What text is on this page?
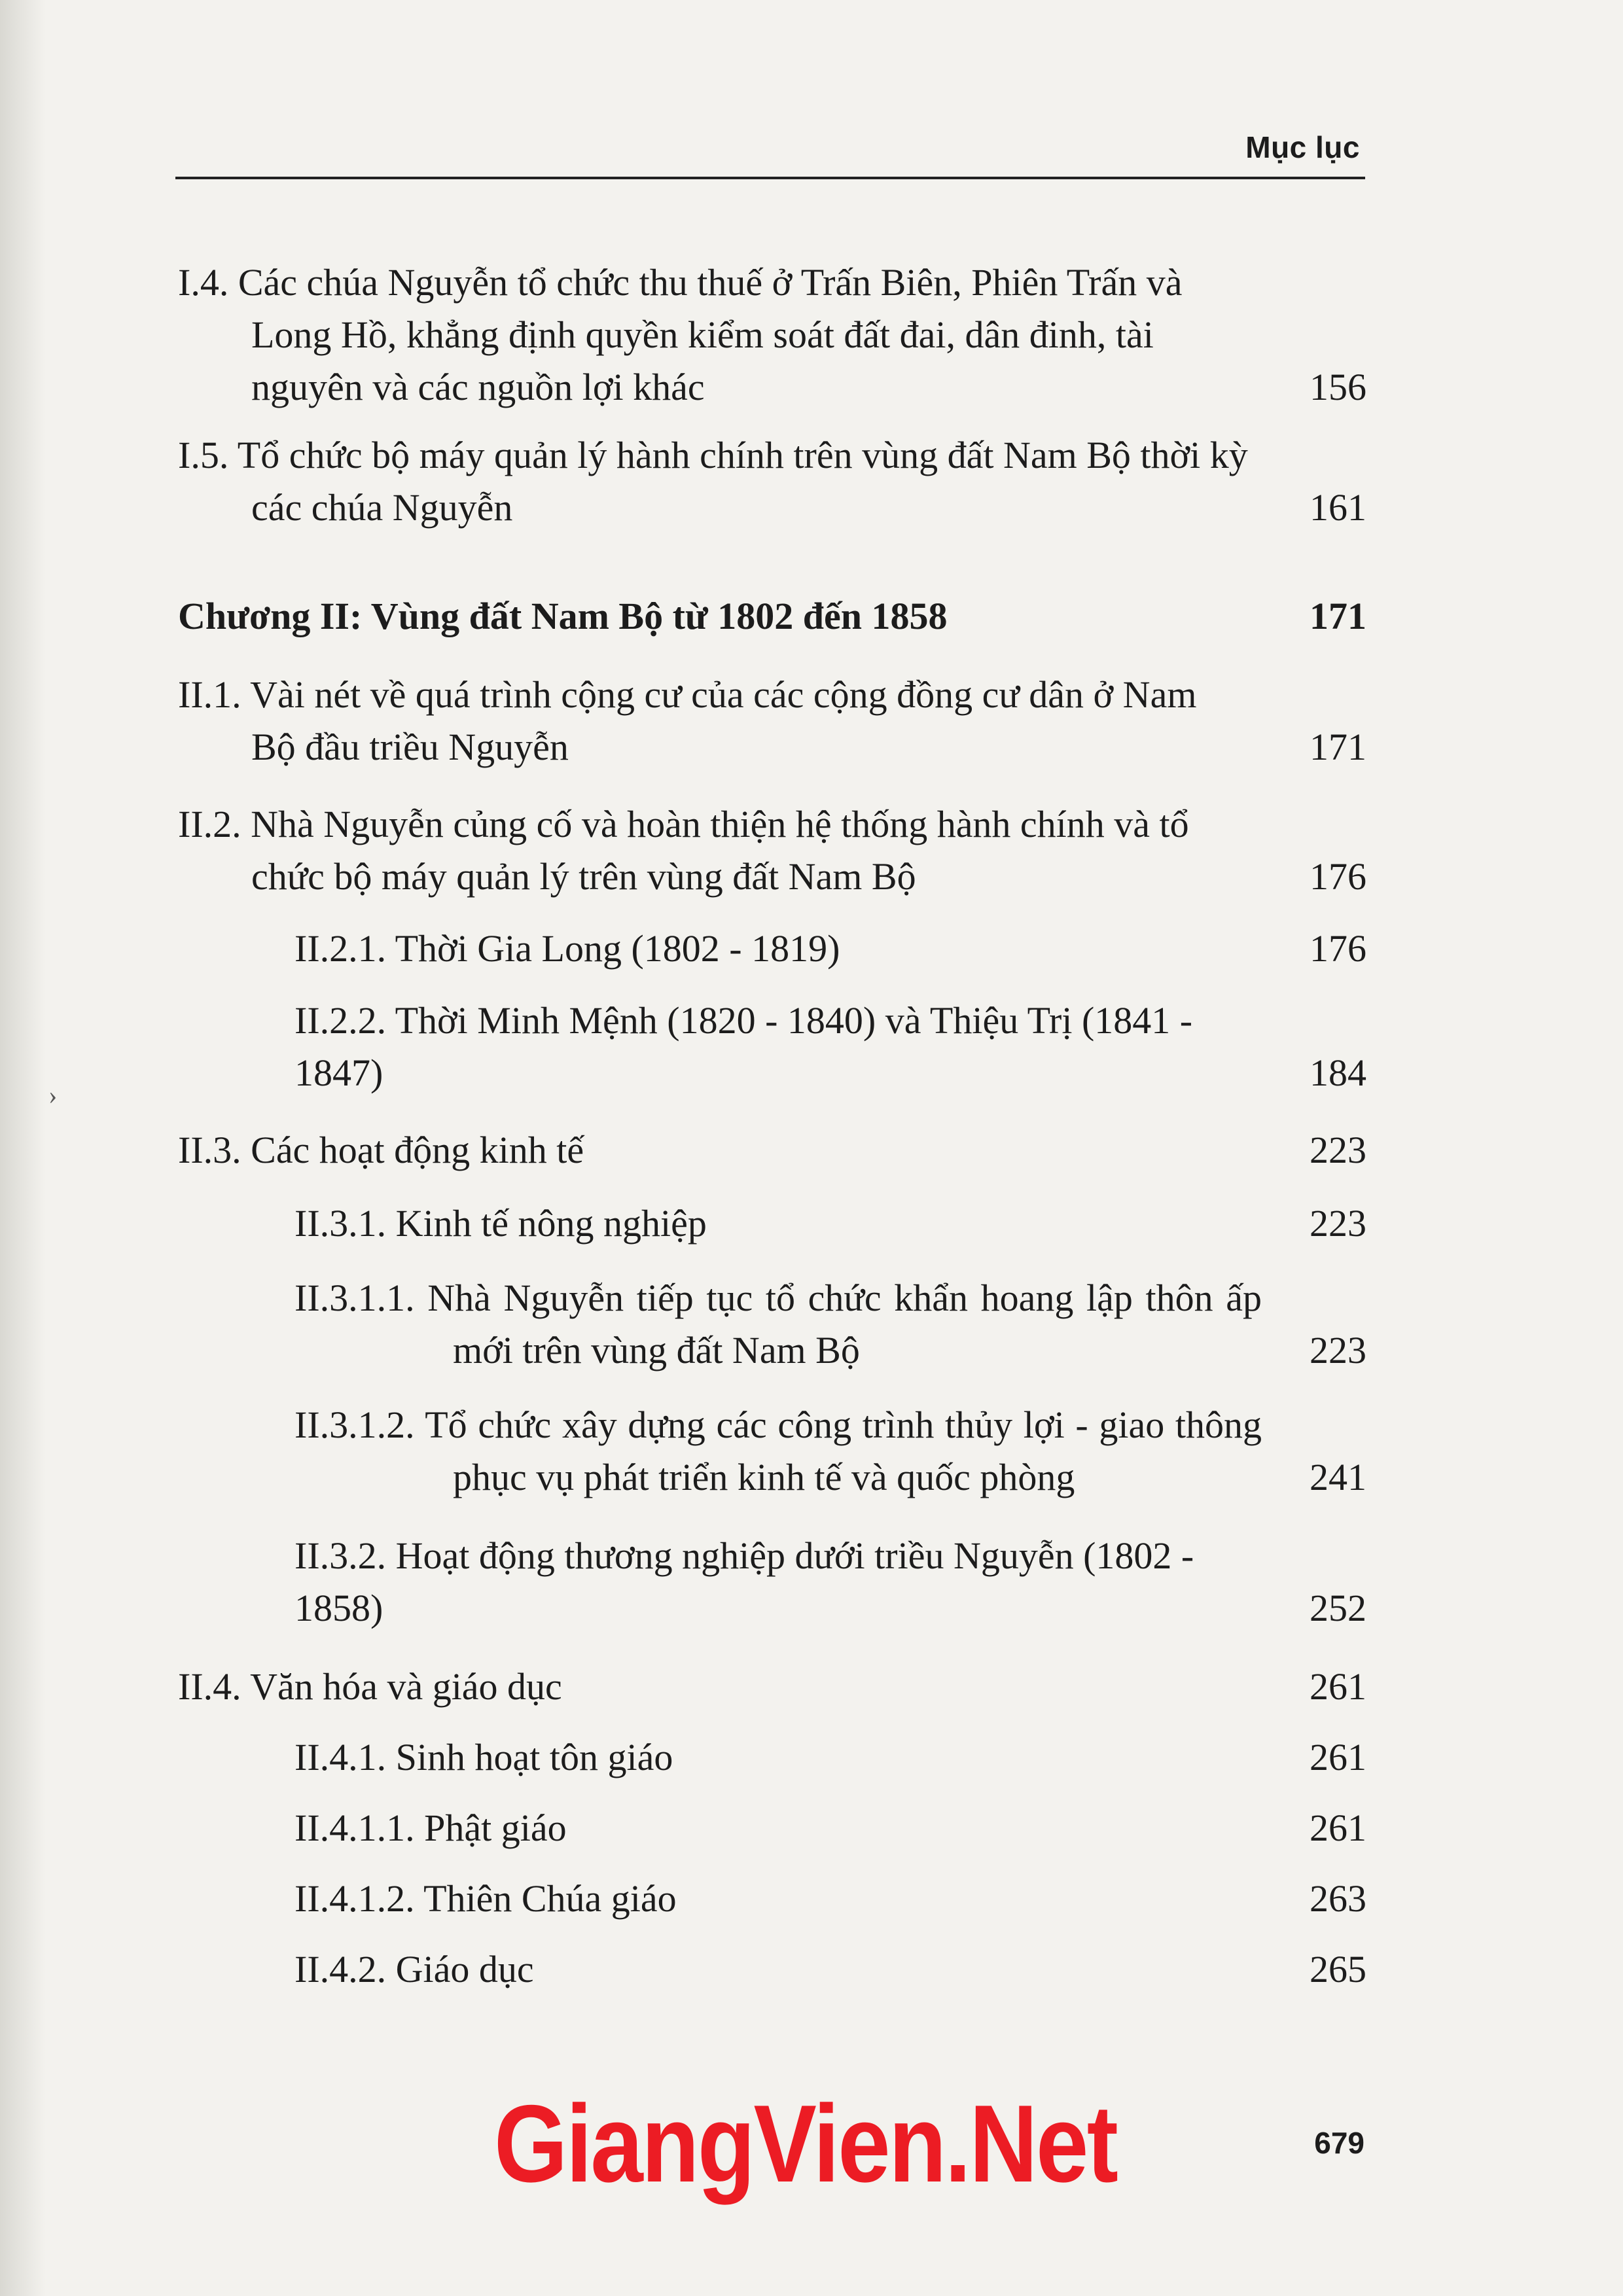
›
Mục lục
I.4. Các chúa Nguyễn tổ chức thu thuế ở Trấn Biên, Phiên Trấn và Long Hồ, khẳng định quyền kiểm soát đất đai, dân đinh, tài nguyên và các nguồn lợi khác	156
I.5. Tổ chức bộ máy quản lý hành chính trên vùng đất Nam Bộ thời kỳ các chúa Nguyễn	161
Chương II: Vùng đất Nam Bộ từ 1802 đến 1858	171
II.1. Vài nét về quá trình cộng cư của các cộng đồng cư dân ở Nam Bộ đầu triều Nguyễn	171
II.2. Nhà Nguyễn củng cố và hoàn thiện hệ thống hành chính và tổ chức bộ máy quản lý trên vùng đất Nam Bộ	176
II.2.1. Thời Gia Long (1802 - 1819)	176
II.2.2. Thời Minh Mệnh (1820 - 1840) và Thiệu Trị (1841 - 1847)	184
II.3. Các hoạt động kinh tế	223
II.3.1. Kinh tế nông nghiệp	223
II.3.1.1. Nhà Nguyễn tiếp tục tổ chức khẩn hoang lập thôn ấp mới trên vùng đất Nam Bộ	223
II.3.1.2. Tổ chức xây dựng các công trình thủy lợi - giao thông phục vụ phát triển kinh tế và quốc phòng	241
II.3.2. Hoạt động thương nghiệp dưới triều Nguyễn (1802 - 1858)	252
II.4. Văn hóa và giáo dục	261
II.4.1. Sinh hoạt tôn giáo	261
II.4.1.1. Phật giáo	261
II.4.1.2. Thiên Chúa giáo	263
II.4.2. Giáo dục	265
GiangVien.Net	679
